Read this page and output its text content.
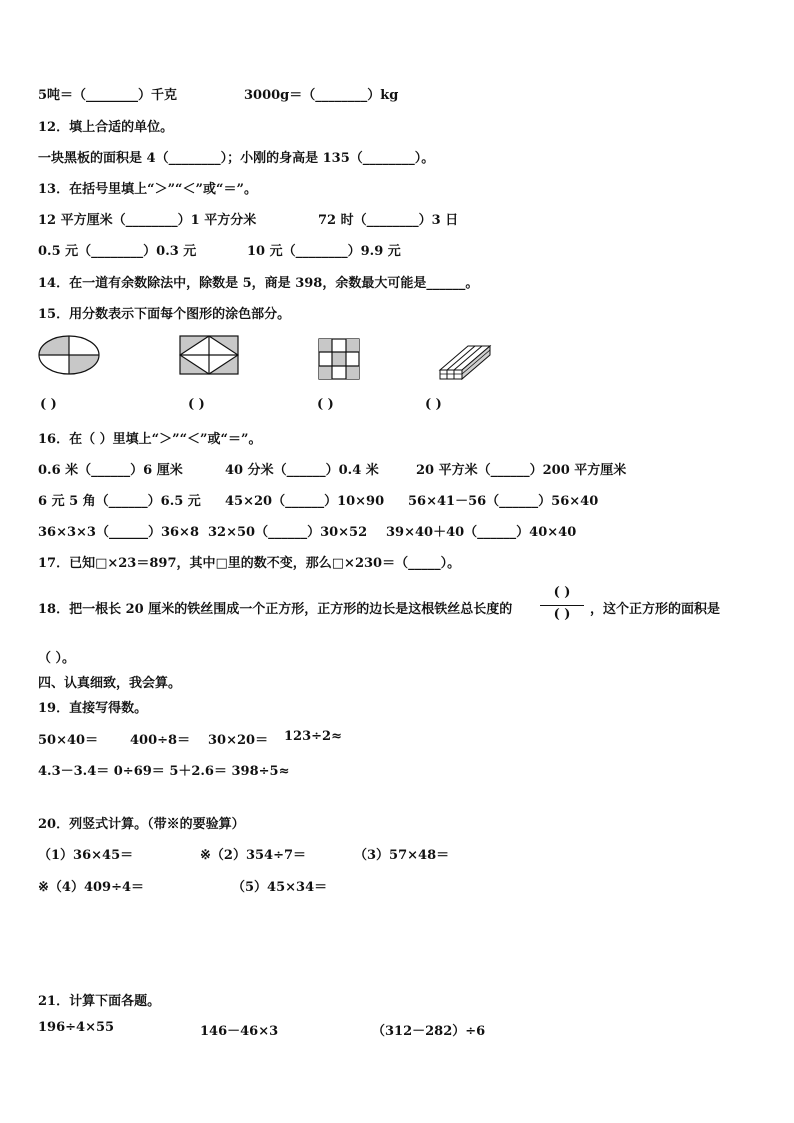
5吨＝（________）千克	3000g＝（________）kg
12．填上合适的单位。
一块黑板的面积是 4（________）；小刚的身高是 135（________）。
13．在括号里填上“＞”“＜”或“＝”。
12 平方厘米（________）1 平方分米	72 时（________）3 日
0.5 元（________）0.3 元	10 元（________）9.9 元
14．在一道有余数除法中，除数是 5，商是 398，余数最大可能是______。
15．用分数表示下面每个图形的涂色部分。
( )	( )	( )	( )
16．在（ ）里填上“＞”“＜”或“＝”。
0.6 米（______）6 厘米	40 分米（______）0.4 米	20 平方米（______）200 平方厘米
6 元 5 角（______）6.5 元 45×20（______）10×90 56×41－56（______）56×40
36×3×3（______）36×8 32×50（______）30×52 39×40＋40（______）40×40
17．已知□×23＝897，其中□里的数不变，那么□×230＝（_____）。
18．把一根长 20 厘米的铁丝围成一个正方形，正方形的边长是这根铁丝总长度的
( )
( )	，这个正方形的面积是
（ ）。
四、认真细致，我会算。
19．直接写得数。
50×40＝ 400÷8＝ 30×20＝ 123÷2≈
4.3－3.4＝ 0÷69＝ 5＋2.6＝ 398÷5≈
20．列竖式计算。（带※的要验算）
（1）36×45＝	※（2）354÷7＝	（3）57×48＝
※（4）409÷4＝	（5）45×34＝
21．计算下面各题。
196÷4×55	146－46×3	（312－282）÷6
